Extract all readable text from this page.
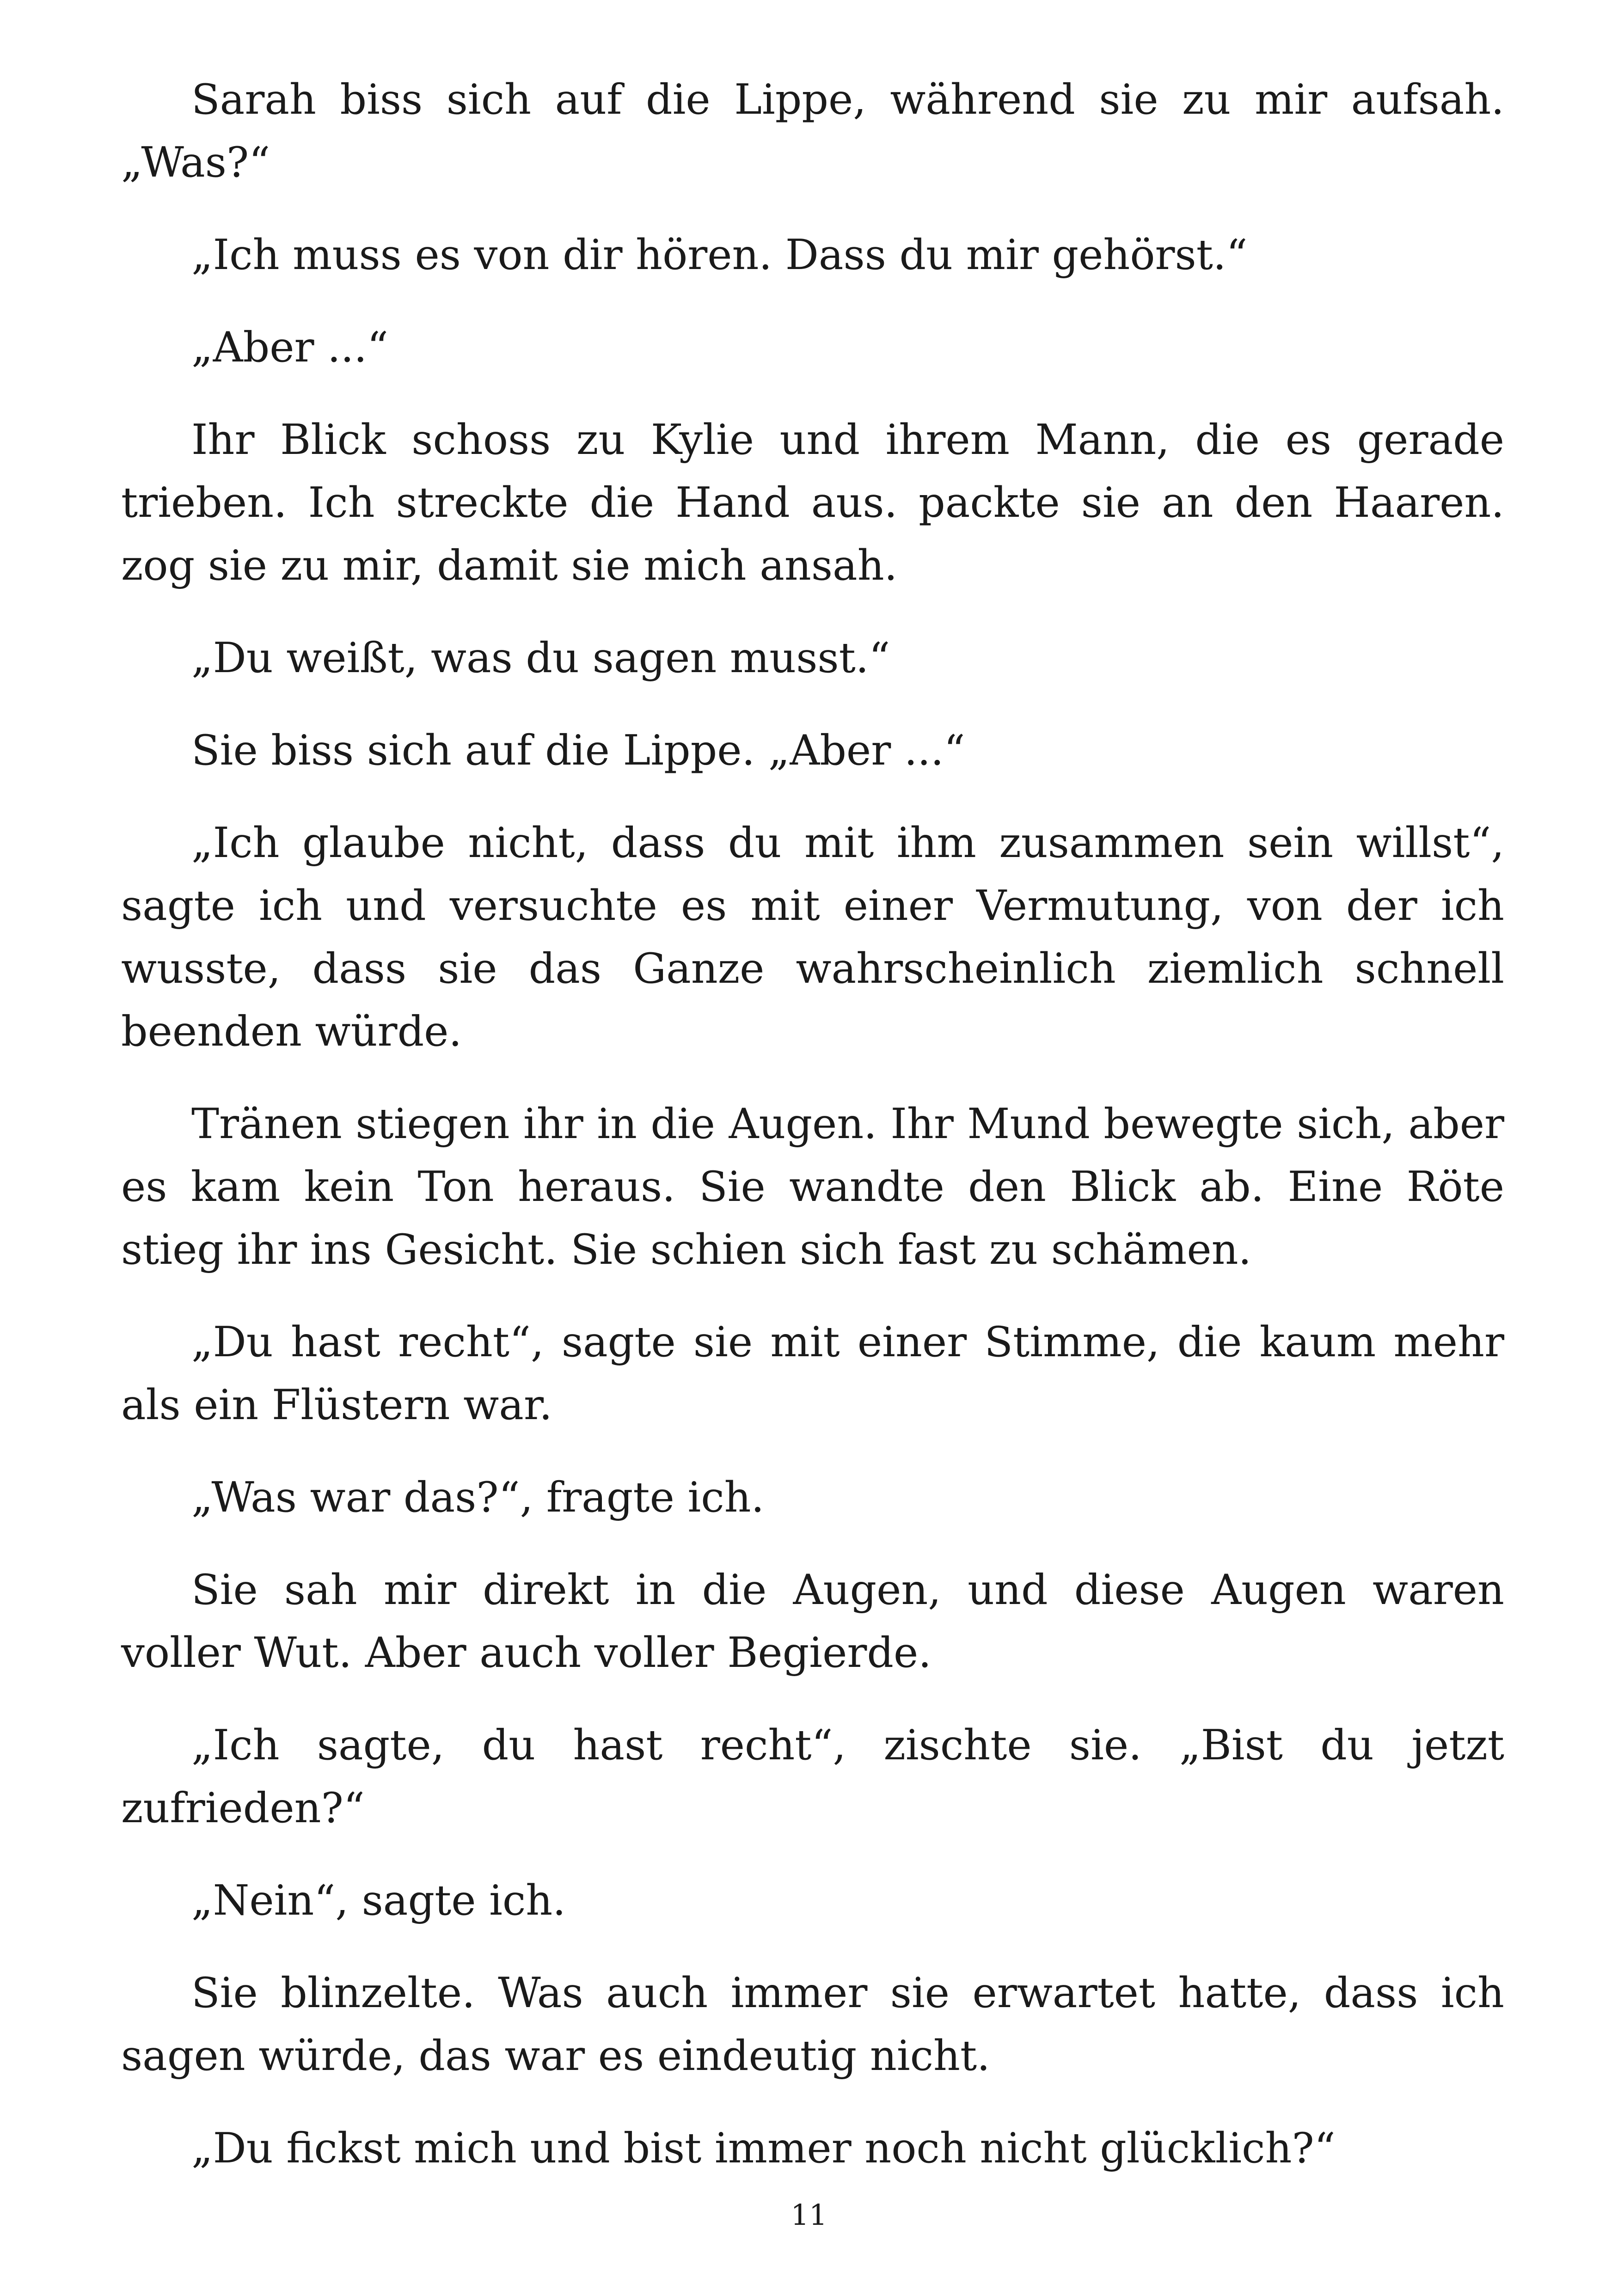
Sarah biss sich auf die Lippe, während sie zu mir aufsah. „Was?“

„Ich muss es von dir hören. Dass du mir gehörst.“

„Aber ...“

Ihr Blick schoss zu Kylie und ihrem Mann, die es gerade trieben. Ich streckte die Hand aus. packte sie an den Haaren. zog sie zu mir, damit sie mich ansah.

„Du weißt, was du sagen musst.“

Sie biss sich auf die Lippe. „Aber ...“

„Ich glaube nicht, dass du mit ihm zusammen sein willst“, sagte ich und versuchte es mit einer Vermutung, von der ich wusste, dass sie das Ganze wahrscheinlich ziemlich schnell beenden würde.

Tränen stiegen ihr in die Augen. Ihr Mund bewegte sich, aber es kam kein Ton heraus. Sie wandte den Blick ab. Eine Röte stieg ihr ins Gesicht. Sie schien sich fast zu schämen.

„Du hast recht“, sagte sie mit einer Stimme, die kaum mehr als ein Flüstern war.

„Was war das?“, fragte ich.

Sie sah mir direkt in die Augen, und diese Augen waren voller Wut. Aber auch voller Begierde.

„Ich sagte, du hast recht“, zischte sie. „Bist du jetzt zufrieden?“

„Nein“, sagte ich.

Sie blinzelte. Was auch immer sie erwartet hatte, dass ich sagen würde, das war es eindeutig nicht.

„Du fickst mich und bist immer noch nicht glücklich?“

11
